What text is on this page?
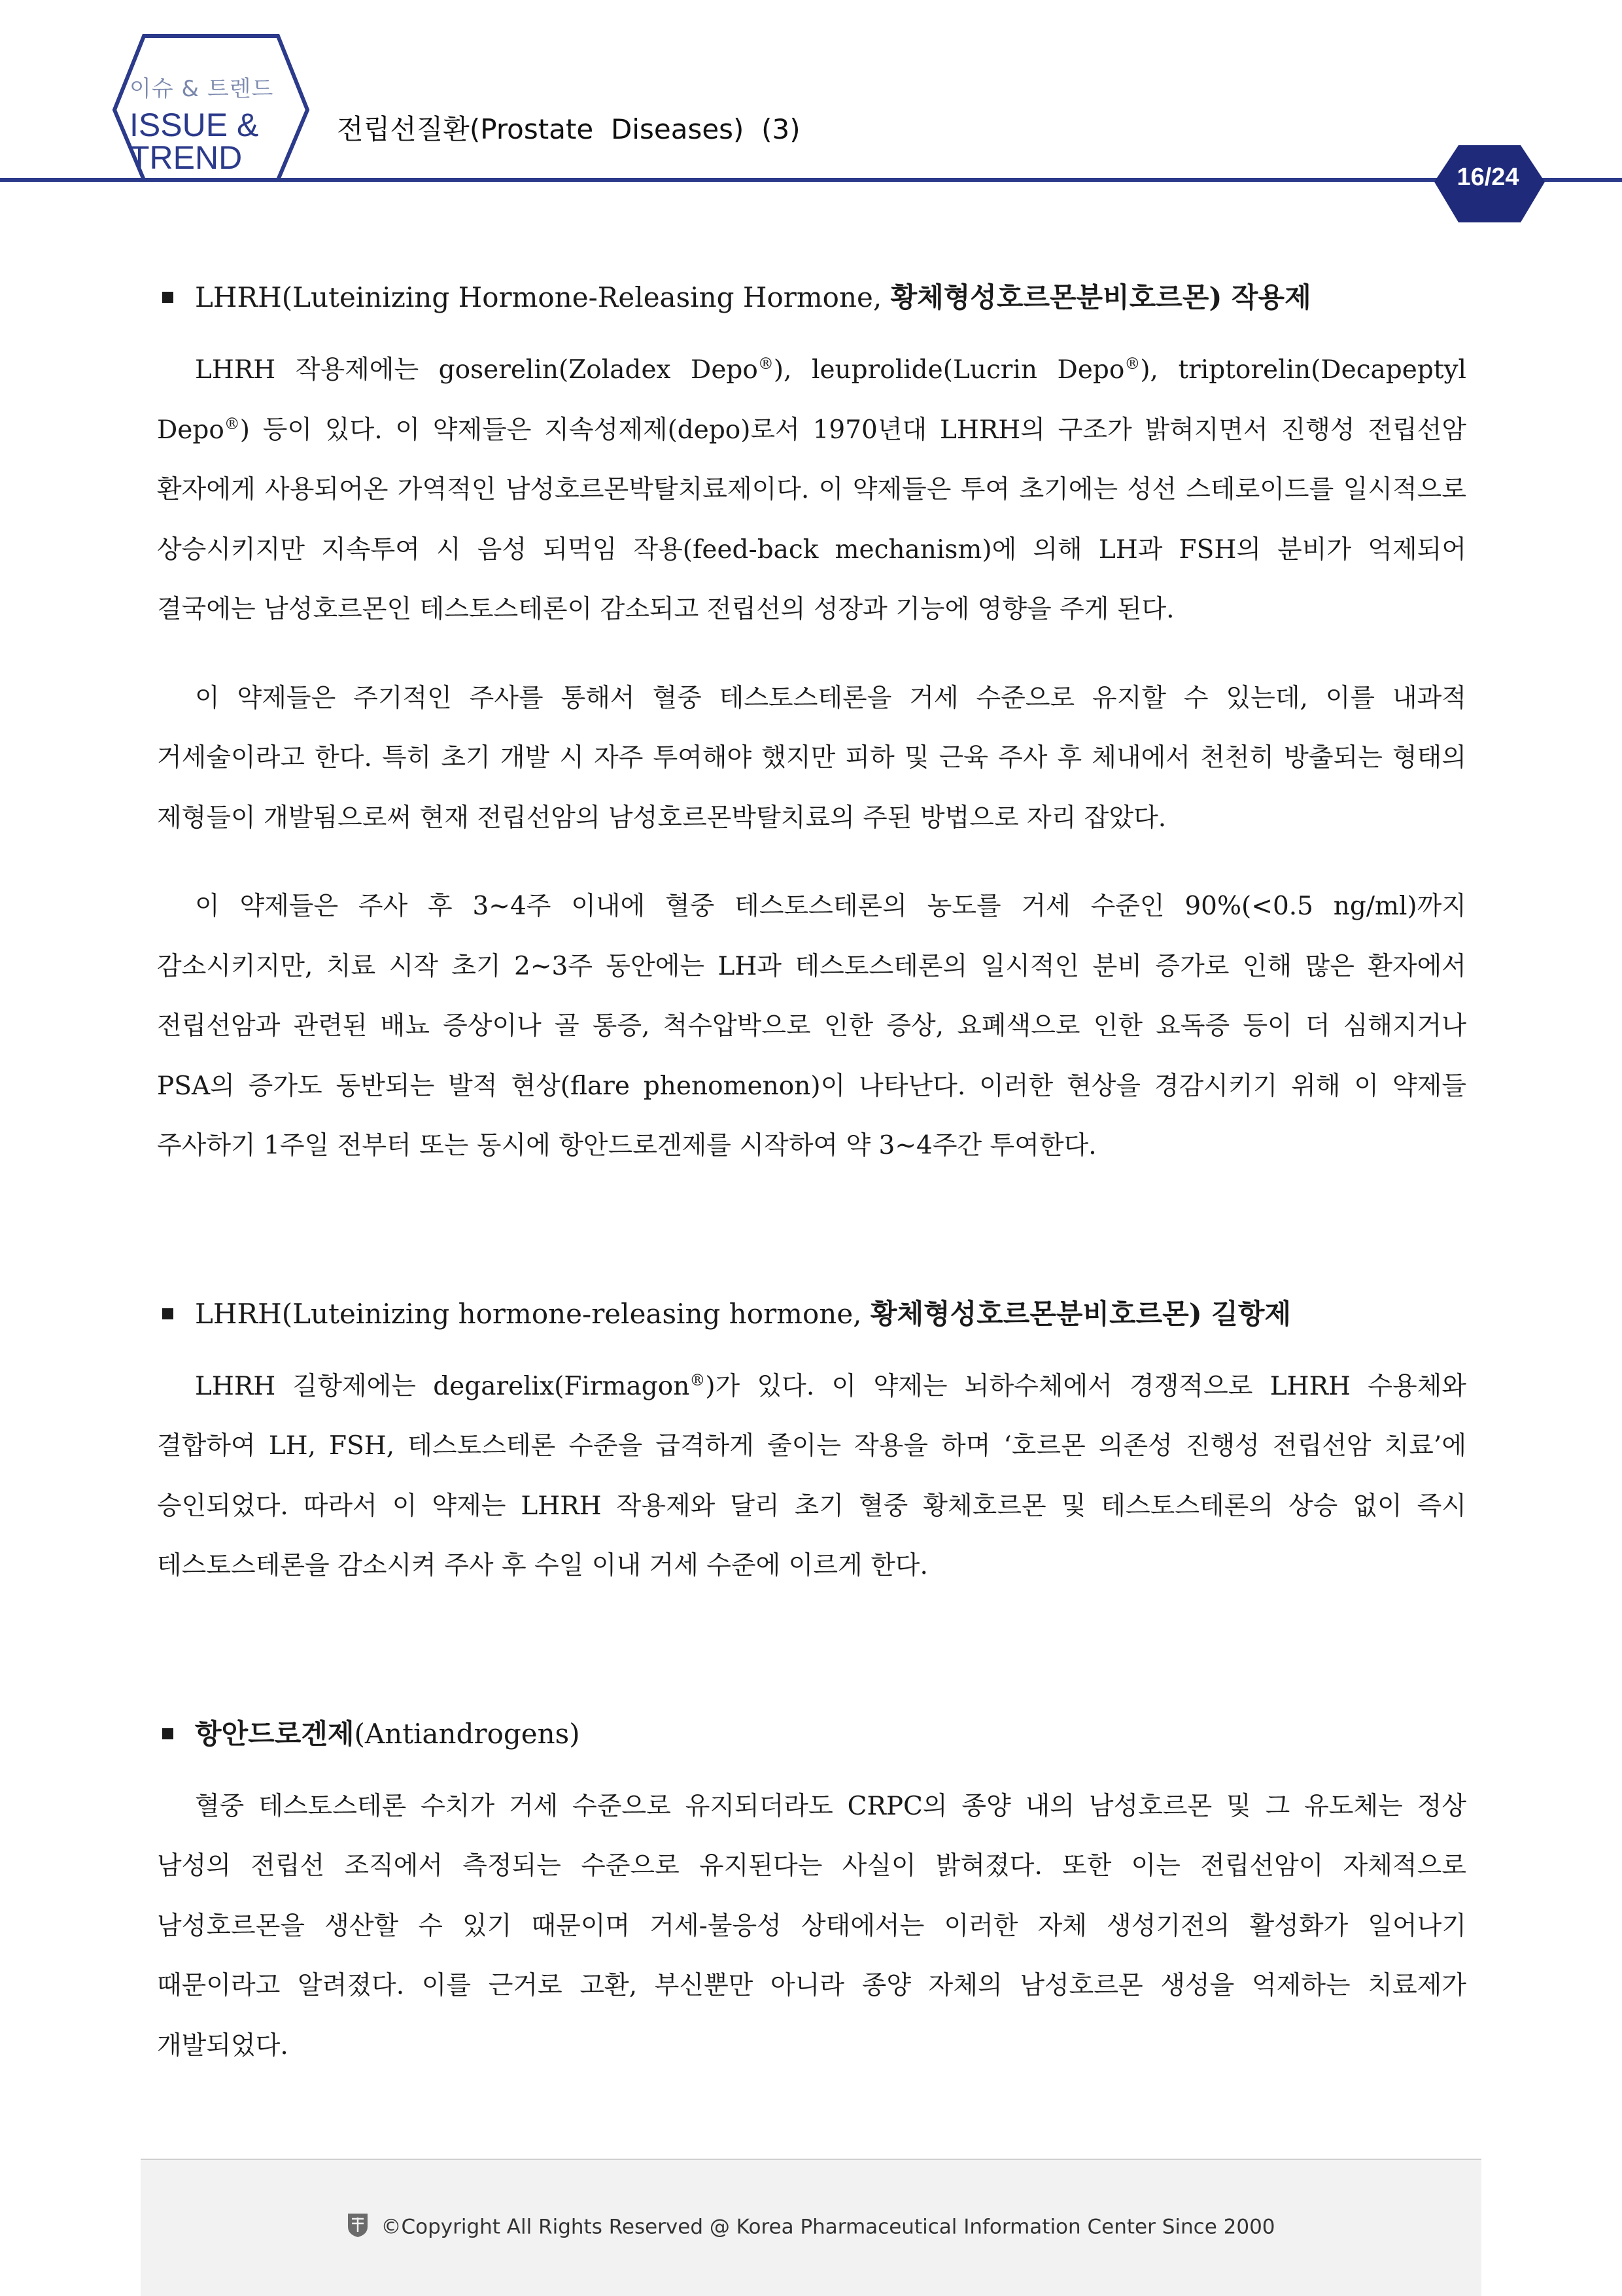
이슈 & 트렌드
ISSUE &
TREND
전립선질환(Prostate  Diseases)  (3)
16/24
LHRH(Luteinizing Hormone-Releasing Hormone, 황체형성호르몬분비호르몬) 작용제

LHRH 작용제에는 goserelin(Zoladex Depo®), leuprolide(Lucrin Depo®), triptorelin(Decapeptyl Depo®) 등이 있다. 이 약제들은 지속성제제(depo)로서 1970년대 LHRH의 구조가 밝혀지면서 진행성 전립선암 환자에게 사용되어온 가역적인 남성호르몬박탈치료제이다. 이 약제들은 투여 초기에는 성선 스테로이드를 일시적으로 상승시키지만 지속투여 시 음성 되먹임 작용(feed-back mechanism)에 의해 LH과 FSH의 분비가 억제되어 결국에는 남성호르몬인 테스토스테론이 감소되고 전립선의 성장과 기능에 영향을 주게 된다.

이 약제들은 주기적인 주사를 통해서 혈중 테스토스테론을 거세 수준으로 유지할 수 있는데, 이를 내과적 거세술이라고 한다. 특히 초기 개발 시 자주 투여해야 했지만 피하 및 근육 주사 후 체내에서 천천히 방출되는 형태의 제형들이 개발됨으로써 현재 전립선암의 남성호르몬박탈치료의 주된 방법으로 자리 잡았다.

이 약제들은 주사 후 3~4주 이내에 혈중 테스토스테론의 농도를 거세 수준인 90%(<0.5 ng/ml)까지 감소시키지만, 치료 시작 초기 2~3주 동안에는 LH과 테스토스테론의 일시적인 분비 증가로 인해 많은 환자에서 전립선암과 관련된 배뇨 증상이나 골 통증, 척수압박으로 인한 증상, 요폐색으로 인한 요독증 등이 더 심해지거나 PSA의 증가도 동반되는 발적 현상(flare phenomenon)이 나타난다. 이러한 현상을 경감시키기 위해 이 약제들 주사하기 1주일 전부터 또는 동시에 항안드로겐제를 시작하여 약 3~4주간 투여한다.

LHRH(Luteinizing hormone-releasing hormone, 황체형성호르몬분비호르몬) 길항제

LHRH 길항제에는 degarelix(Firmagon®)가 있다. 이 약제는 뇌하수체에서 경쟁적으로 LHRH 수용체와 결합하여 LH, FSH, 테스토스테론 수준을 급격하게 줄이는 작용을 하며 ‘호르몬 의존성 진행성 전립선암 치료’에 승인되었다. 따라서 이 약제는 LHRH 작용제와 달리 초기 혈중 황체호르몬 및 테스토스테론의 상승 없이 즉시 테스토스테론을 감소시켜 주사 후 수일 이내 거세 수준에 이르게 한다.

항안드로겐제(Antiandrogens)

혈중 테스토스테론 수치가 거세 수준으로 유지되더라도 CRPC의 종양 내의 남성호르몬 및 그 유도체는 정상 남성의 전립선 조직에서 측정되는 수준으로 유지된다는 사실이 밝혀졌다. 또한 이는 전립선암이 자체적으로 남성호르몬을 생산할 수 있기 때문이며 거세-불응성 상태에서는 이러한 자체 생성기전의 활성화가 일어나기 때문이라고 알려졌다. 이를 근거로 고환, 부신뿐만 아니라 종양 자체의 남성호르몬 생성을 억제하는 치료제가 개발되었다.

©Copyright All Rights Reserved @ Korea Pharmaceutical Information Center Since 2000
